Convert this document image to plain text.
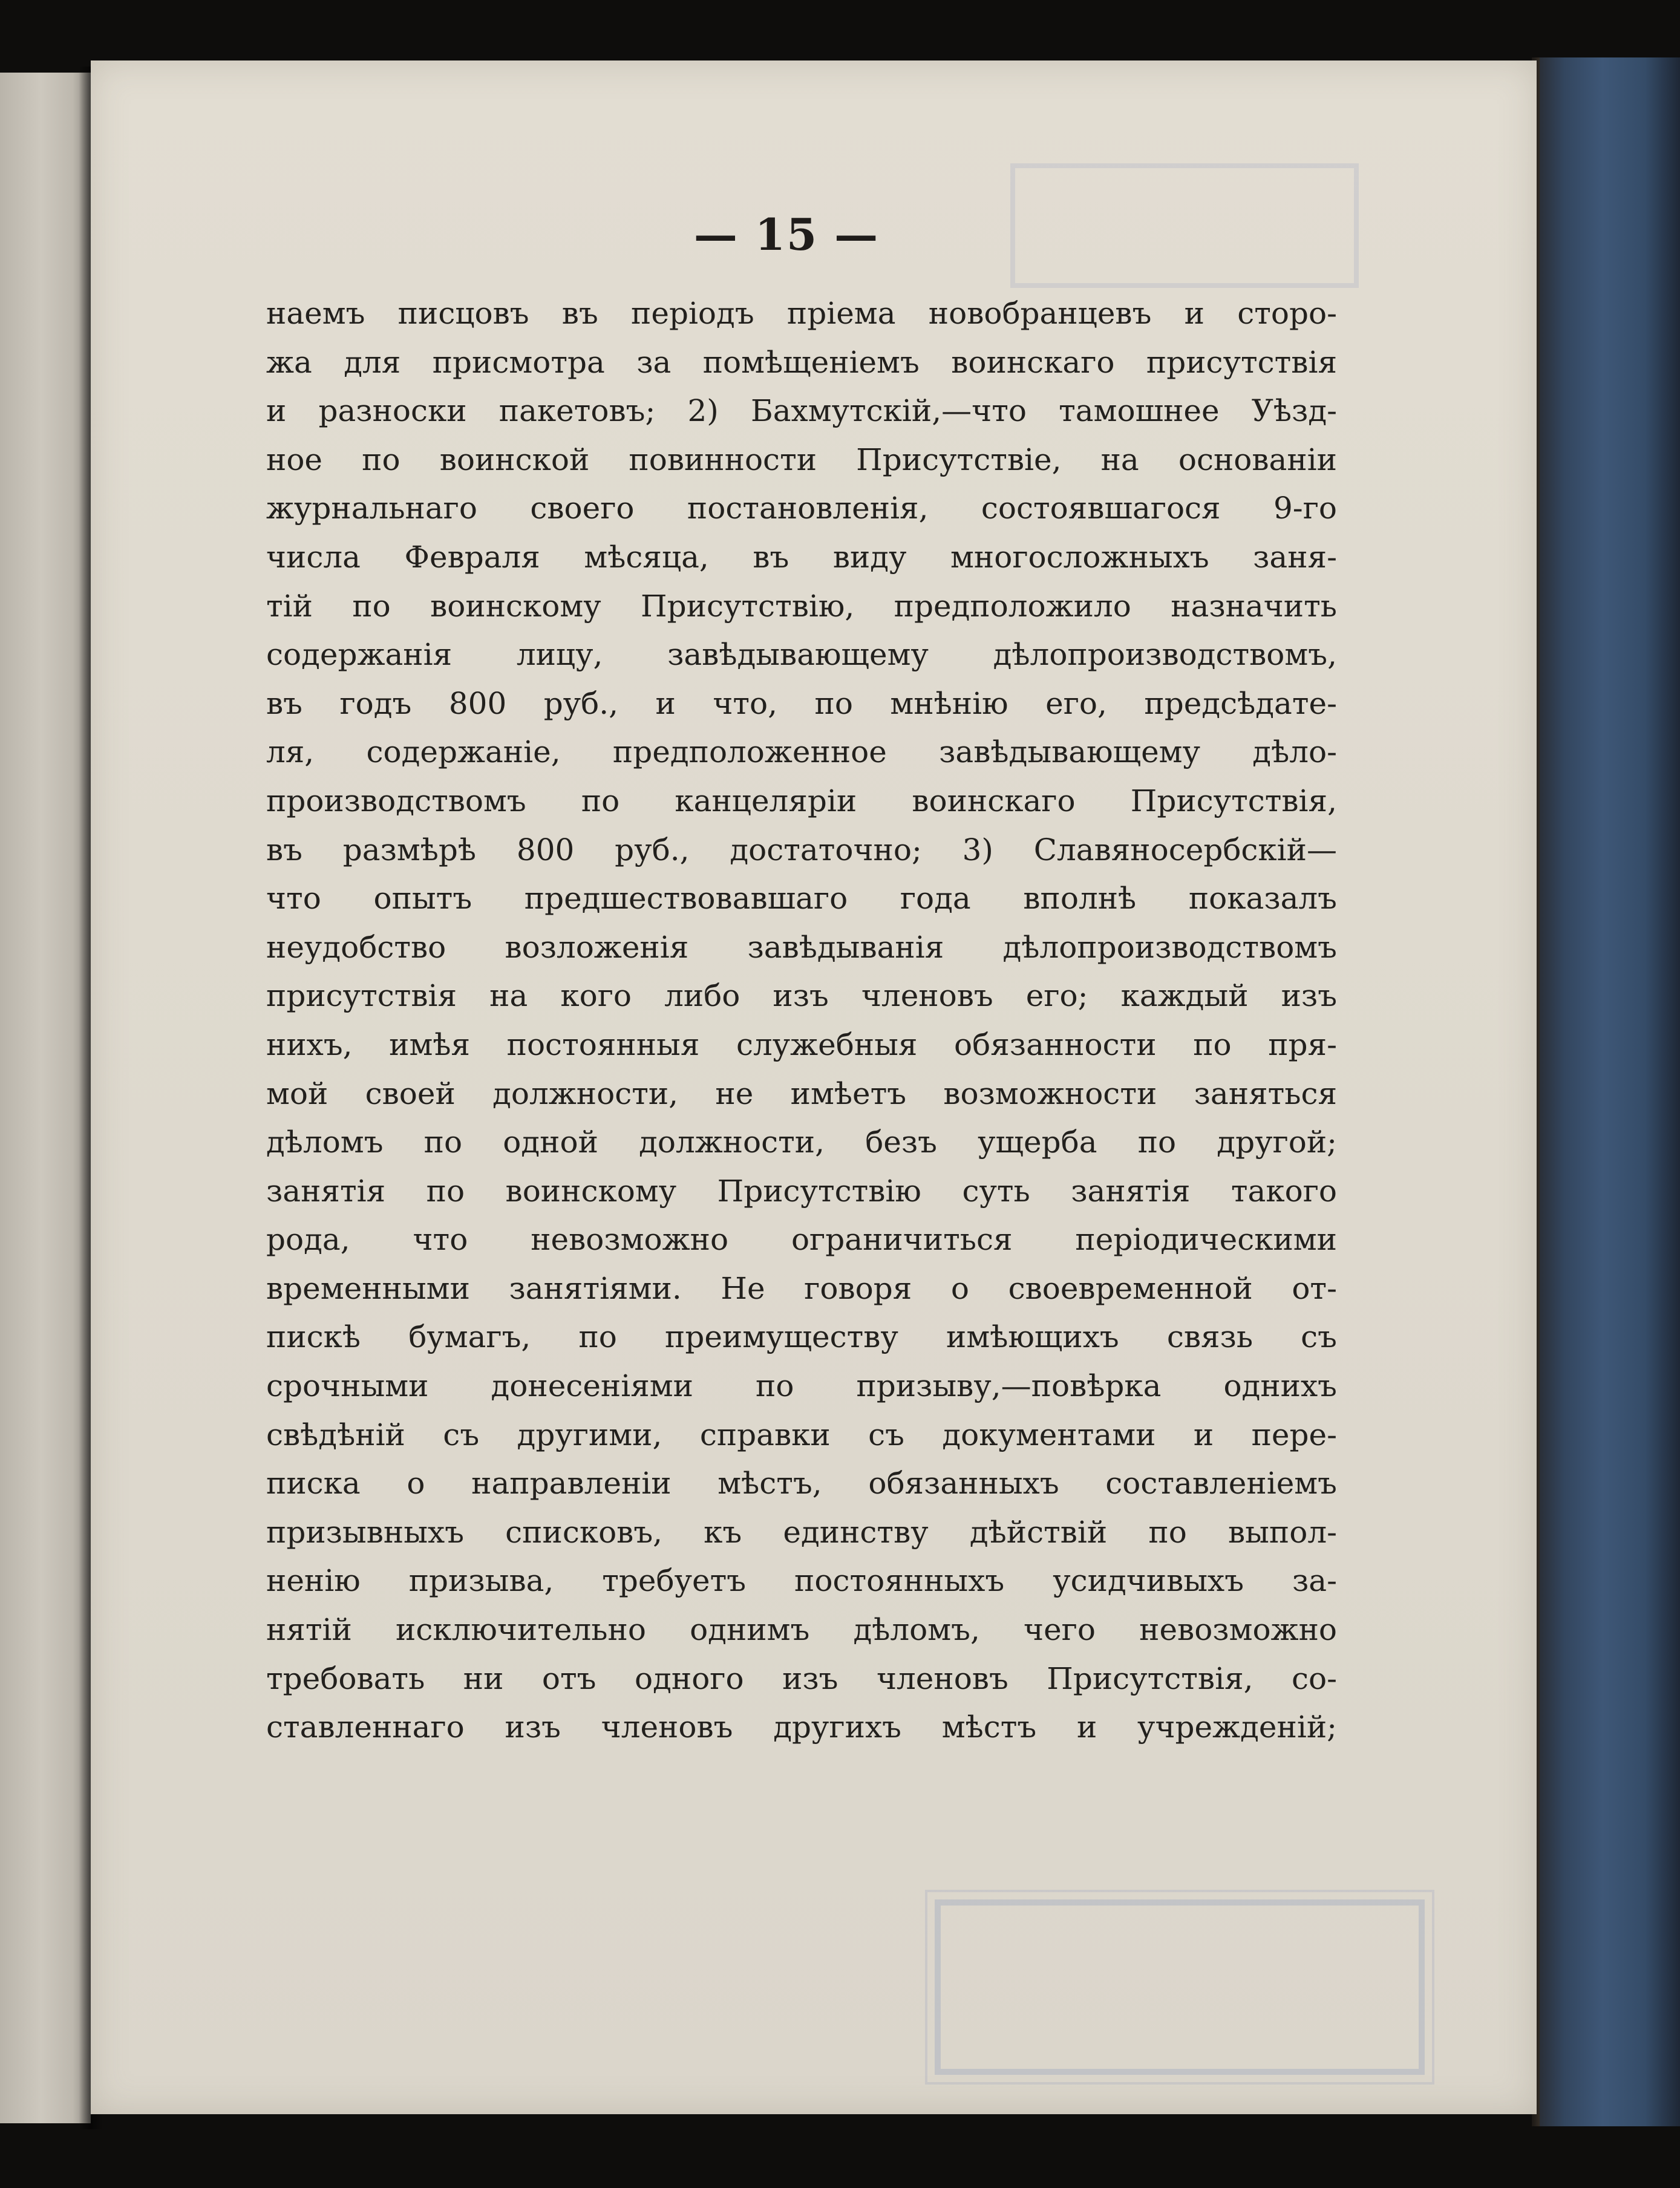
— 15 —
наемъ писцовъ въ періодъ пріема новобранцевъ и сторо-
жа для присмотра за помѣщеніемъ воинскаго присутствія
и разноски пакетовъ; 2) Бахмутскій,—что тамошнее Уѣзд-
ное по воинской повинности Присутствіе, на основаніи
журнальнаго своего постановленія, состоявшагося 9-го
числа Февраля мѣсяца, въ виду многосложныхъ заня-
тій по воинскому Присутствію, предположило назначить
содержанія лицу, завѣдывающему дѣлопроизводствомъ,
въ годъ 800 руб., и что, по мнѣнію его, предсѣдате-
ля, содержаніе, предположенное завѣдывающему дѣло-
производствомъ по канцеляріи воинскаго Присутствія,
въ размѣрѣ 800 руб., достаточно; 3) Славяносербскій—
что опытъ предшествовавшаго года вполнѣ показалъ
неудобство возложенія завѣдыванія дѣлопроизводствомъ
присутствія на кого либо изъ членовъ его; каждый изъ
нихъ, имѣя постоянныя служебныя обязанности по пря-
мой своей должности, не имѣетъ возможности заняться
дѣломъ по одной должности, безъ ущерба по другой;
занятія по воинскому Присутствію суть занятія такого
рода, что невозможно ограничиться періодическими
временными занятіями. Не говоря о своевременной от-
пискѣ бумагъ, по преимуществу имѣющихъ связь съ
срочными донесеніями по призыву,—повѣрка однихъ
свѣдѣній съ другими, справки съ документами и пере-
писка о направленіи мѣстъ, обязанныхъ составленіемъ
призывныхъ списковъ, къ единству дѣйствій по выпол-
ненію призыва, требуетъ постоянныхъ усидчивыхъ за-
нятій исключительно однимъ дѣломъ, чего невозможно
требовать ни отъ одного изъ членовъ Присутствія, со-
ставленнаго изъ членовъ другихъ мѣстъ и учрежденій;
